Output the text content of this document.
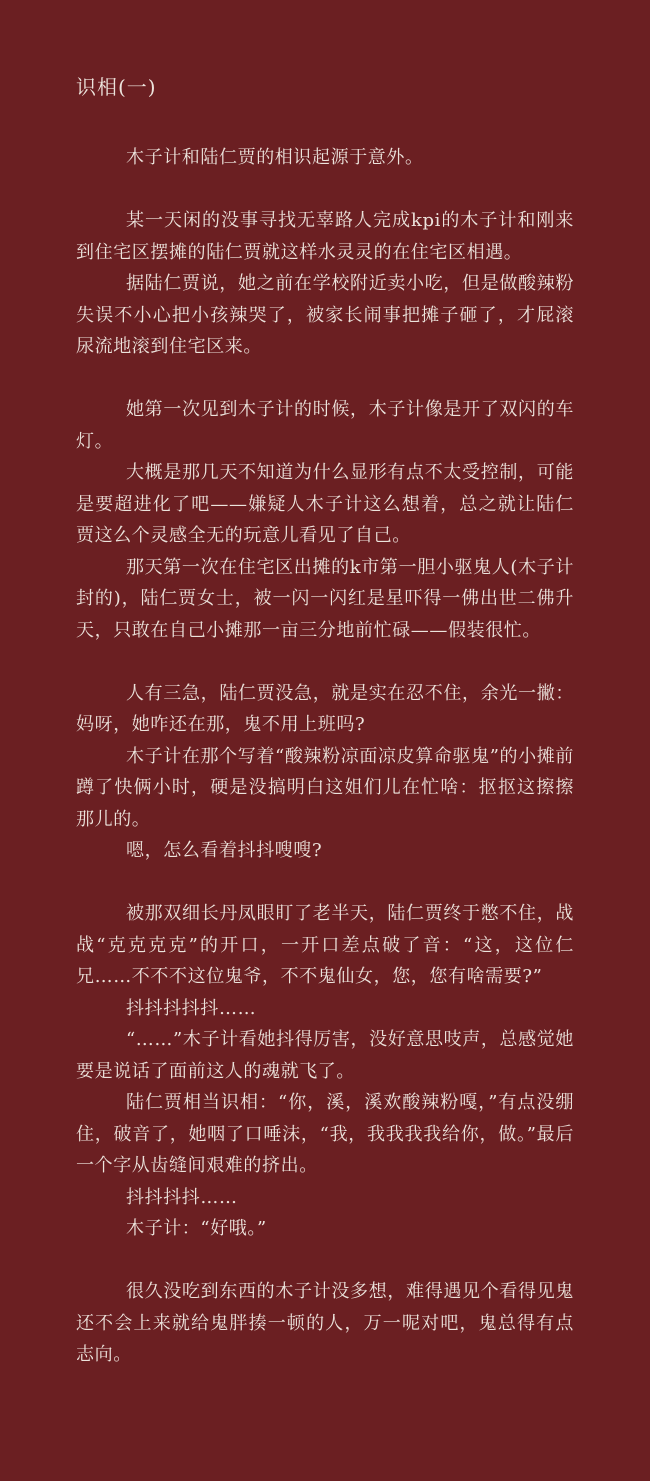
识相(一)

木子计和陆仁贾的相识起源于意外。

某一天闲的没事寻找无辜路人完成kpi的木子计和刚来到住宅区摆摊的陆仁贾就这样水灵灵的在住宅区相遇。

据陆仁贾说，她之前在学校附近卖小吃，但是做酸辣粉失误不小心把小孩辣哭了，被家长闹事把摊子砸了，才屁滚尿流地滚到住宅区来。

她第一次见到木子计的时候，木子计像是开了双闪的车灯。

大概是那几天不知道为什么显形有点不太受控制，可能是要超进化了吧——嫌疑人木子计这么想着，总之就让陆仁贾这么个灵感全无的玩意儿看见了自己。

那天第一次在住宅区出摊的k市第一胆小驱鬼人(木子计封的)，陆仁贾女士，被一闪一闪红是星吓得一佛出世二佛升天，只敢在自己小摊那一亩三分地前忙碌——假装很忙。

人有三急，陆仁贾没急，就是实在忍不住，余光一撇：妈呀，她咋还在那，鬼不用上班吗?

木子计在那个写着“酸辣粉凉面凉皮算命驱鬼”的小摊前蹲了快俩小时，硬是没搞明白这姐们儿在忙啥：抠抠这擦擦那儿的。

嗯，怎么看着抖抖嗖嗖?

被那双细长丹凤眼盯了老半天，陆仁贾终于憋不住，战战“克克克克”的开口，一开口差点破了音：“这，这位仁兄……不不不这位鬼爷，不不鬼仙女，您，您有啥需要?”

抖抖抖抖抖……

“……”木子计看她抖得厉害，没好意思吱声，总感觉她要是说话了面前这人的魂就飞了。

陆仁贾相当识相：“你，溪，溪欢酸辣粉嘎，”有点没绷住，破音了，她咽了口唾沫，“我，我我我我给你，做。”最后一个字从齿缝间艰难的挤出。

抖抖抖抖……

木子计：“好哦。”

很久没吃到东西的木子计没多想，难得遇见个看得见鬼还不会上来就给鬼胖揍一顿的人，万一呢对吧，鬼总得有点志向。
